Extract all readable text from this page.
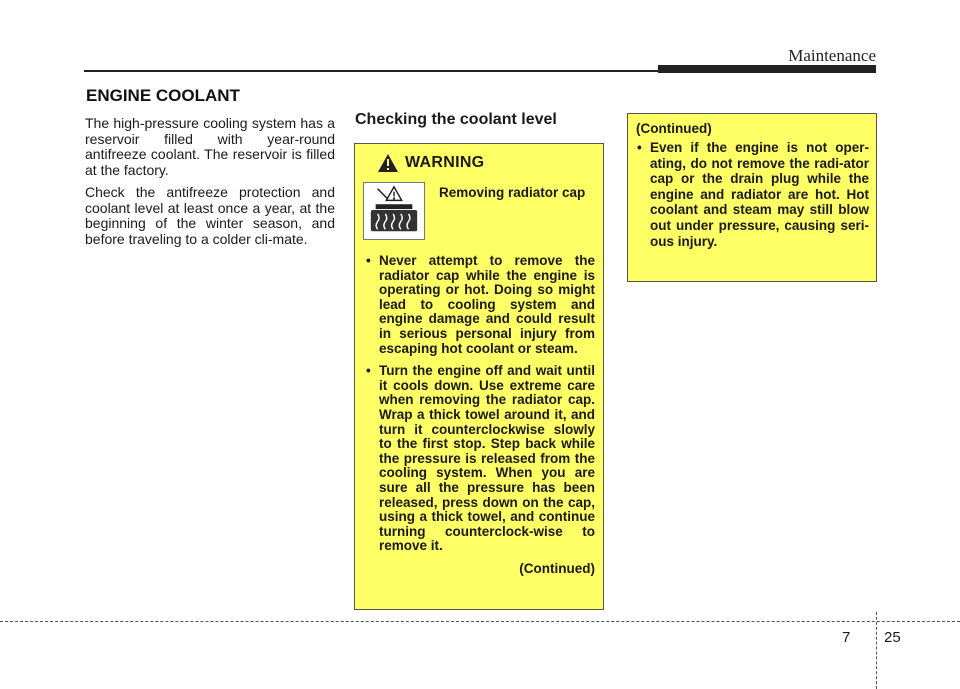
Maintenance
ENGINE COOLANT

The high-pressure cooling system has a reservoir filled with year-round antifreeze coolant. The reservoir is filled at the factory.

Check the antifreeze protection and coolant level at least once a year, at the beginning of the winter season, and before traveling to a colder cli-mate.

Checking the coolant level
WARNING
Removing radiator cap
• Never attempt to remove the radiator cap while the engine is operating or hot. Doing so might lead to cooling system and engine damage and could result in serious personal injury from escaping hot coolant or steam.
• Turn the engine off and wait until it cools down. Use extreme care when removing the radiator cap. Wrap a thick towel around it, and turn it counterclockwise slowly to the first stop. Step back while the pressure is released from the cooling system. When you are sure all the pressure has been released, press down on the cap, using a thick towel, and continue turning counterclock-wise to remove it.
(Continued)
(Continued)
• Even if the engine is not oper-ating, do not remove the radi-ator cap or the drain plug while the engine and radiator are hot. Hot coolant and steam may still blow out under pressure, causing seri-ous injury.
7 25
